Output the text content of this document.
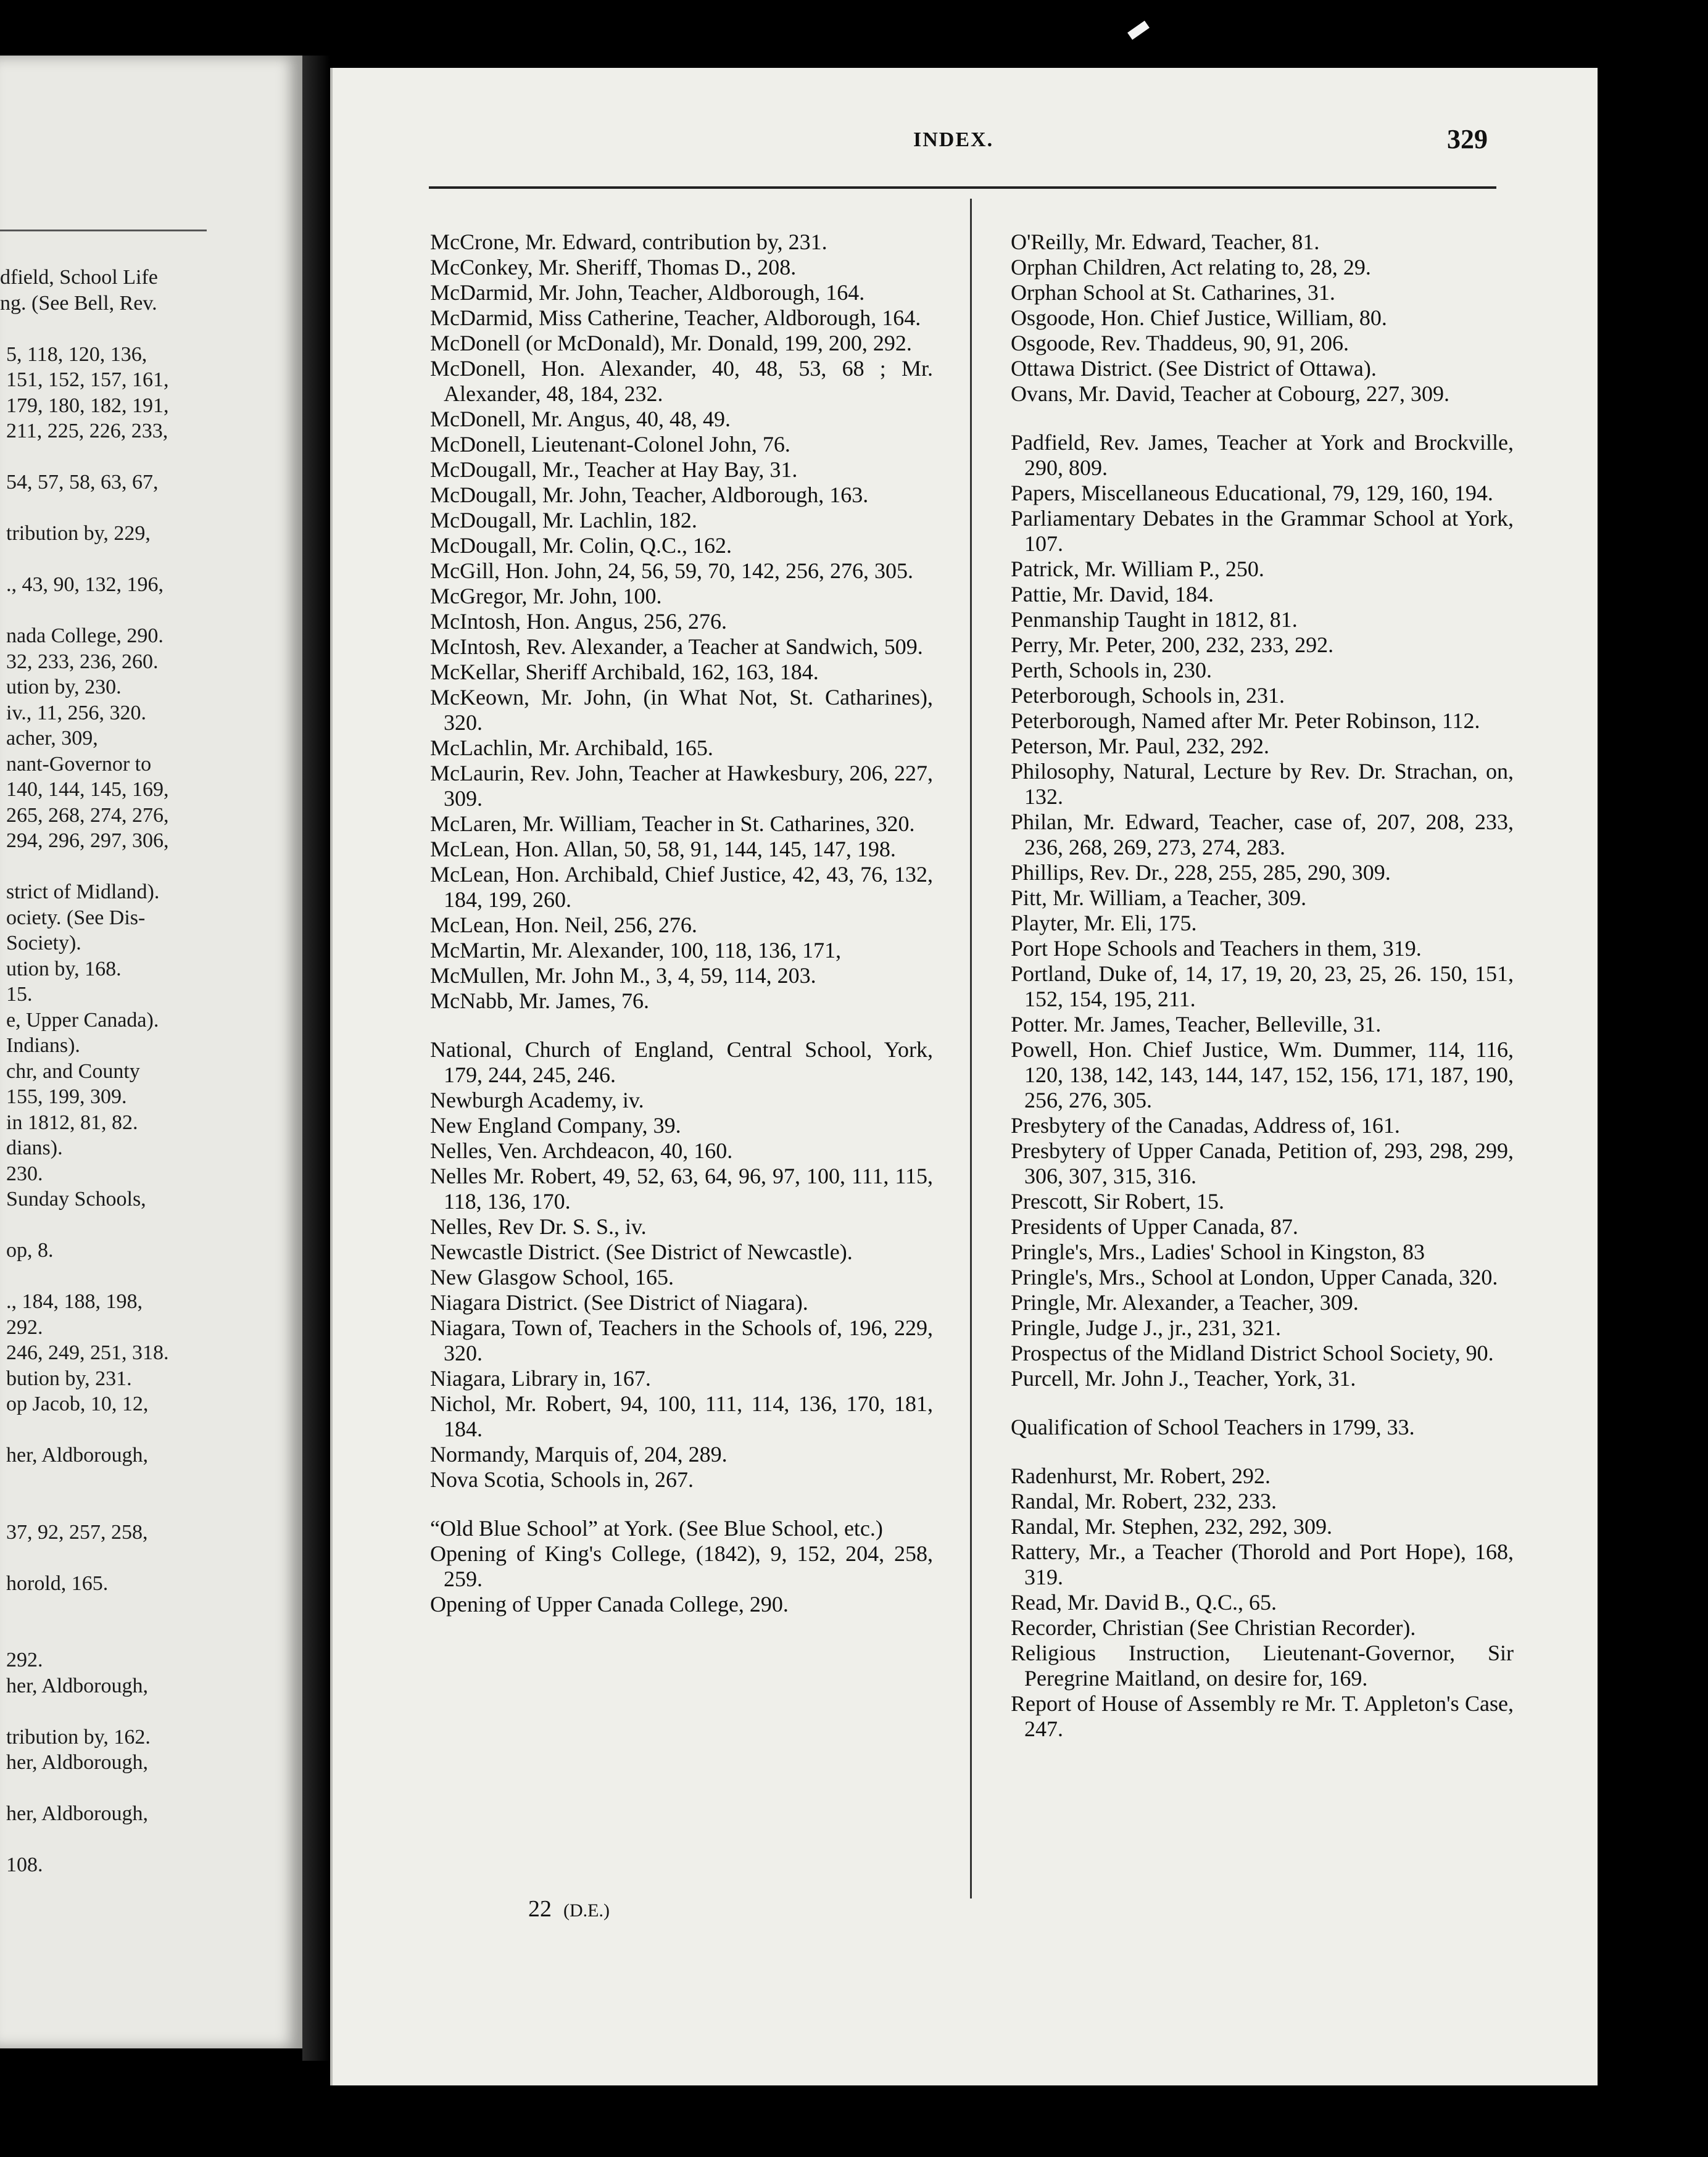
dfield, School Life
ng. (See Bell, Rev.
5, 118, 120, 136,
151, 152, 157, 161,
179, 180, 182, 191,
211, 225, 226, 233,
54, 57, 58, 63, 67,
tribution by, 229,
., 43, 90, 132, 196,
nada College, 290.
32, 233, 236, 260.
ution by, 230.
iv., 11, 256, 320.
acher, 309,
nant-Governor to
140, 144, 145, 169,
265, 268, 274, 276,
294, 296, 297, 306,
strict of Midland).
ociety. (See Dis-
Society).
ution by, 168.
15.
e, Upper Canada).
Indians).
chr, and County
155, 199, 309.
in 1812, 81, 82.
dians).
230.
Sunday Schools,
op, 8.
., 184, 188, 198,
292.
246, 249, 251, 318.
bution by, 231.
op Jacob, 10, 12,
her, Aldborough,
37, 92, 257, 258,
horold, 165.
292.
her, Aldborough,
tribution by, 162.
her, Aldborough,
her, Aldborough,
108.
INDEX.	329
McCrone, Mr. Edward, contribution by, 231.
McConkey, Mr. Sheriff, Thomas D., 208.
McDarmid, Mr. John, Teacher, Aldborough, 164.
McDarmid, Miss Catherine, Teacher, Aldborough, 164.
McDonell (or McDonald), Mr. Donald, 199, 200, 292.
McDonell, Hon. Alexander, 40, 48, 53, 68 ; Mr. Alexander, 48, 184, 232.
McDonell, Mr. Angus, 40, 48, 49.
McDonell, Lieutenant-Colonel John, 76.
McDougall, Mr., Teacher at Hay Bay, 31.
McDougall, Mr. John, Teacher, Aldborough, 163.
McDougall, Mr. Lachlin, 182.
McDougall, Mr. Colin, Q.C., 162.
McGill, Hon. John, 24, 56, 59, 70, 142, 256, 276, 305.
McGregor, Mr. John, 100.
McIntosh, Hon. Angus, 256, 276.
McIntosh, Rev. Alexander, a Teacher at Sandwich, 509.
McKellar, Sheriff Archibald, 162, 163, 184.
McKeown, Mr. John, (in What Not, St. Catharines), 320.
McLachlin, Mr. Archibald, 165.
McLaurin, Rev. John, Teacher at Hawkesbury, 206, 227, 309.
McLaren, Mr. William, Teacher in St. Catharines, 320.
McLean, Hon. Allan, 50, 58, 91, 144, 145, 147, 198.
McLean, Hon. Archibald, Chief Justice, 42, 43, 76, 132, 184, 199, 260.
McLean, Hon. Neil, 256, 276.
McMartin, Mr. Alexander, 100, 118, 136, 171,
McMullen, Mr. John M., 3, 4, 59, 114, 203.
McNabb, Mr. James, 76.
National, Church of England, Central School, York, 179, 244, 245, 246.
Newburgh Academy, iv.
New England Company, 39.
Nelles, Ven. Archdeacon, 40, 160.
Nelles Mr. Robert, 49, 52, 63, 64, 96, 97, 100, 111, 115, 118, 136, 170.
Nelles, Rev Dr. S. S., iv.
Newcastle District. (See District of Newcastle).
New Glasgow School, 165.
Niagara District. (See District of Niagara).
Niagara, Town of, Teachers in the Schools of, 196, 229, 320.
Niagara, Library in, 167.
Nichol, Mr. Robert, 94, 100, 111, 114, 136, 170, 181, 184.
Normandy, Marquis of, 204, 289.
Nova Scotia, Schools in, 267.
“Old Blue School” at York. (See Blue School, etc.)
Opening of King's College, (1842), 9, 152, 204, 258, 259.
Opening of Upper Canada College, 290.
O'Reilly, Mr. Edward, Teacher, 81.
Orphan Children, Act relating to, 28, 29.
Orphan School at St. Catharines, 31.
Osgoode, Hon. Chief Justice, William, 80.
Osgoode, Rev. Thaddeus, 90, 91, 206.
Ottawa District. (See District of Ottawa).
Ovans, Mr. David, Teacher at Cobourg, 227, 309.
Padfield, Rev. James, Teacher at York and Brockville, 290, 809.
Papers, Miscellaneous Educational, 79, 129, 160, 194.
Parliamentary Debates in the Grammar School at York, 107.
Patrick, Mr. William P., 250.
Pattie, Mr. David, 184.
Penmanship Taught in 1812, 81.
Perry, Mr. Peter, 200, 232, 233, 292.
Perth, Schools in, 230.
Peterborough, Schools in, 231.
Peterborough, Named after Mr. Peter Robinson, 112.
Peterson, Mr. Paul, 232, 292.
Philosophy, Natural, Lecture by Rev. Dr. Strachan, on, 132.
Philan, Mr. Edward, Teacher, case of, 207, 208, 233, 236, 268, 269, 273, 274, 283.
Phillips, Rev. Dr., 228, 255, 285, 290, 309.
Pitt, Mr. William, a Teacher, 309.
Playter, Mr. Eli, 175.
Port Hope Schools and Teachers in them, 319.
Portland, Duke of, 14, 17, 19, 20, 23, 25, 26. 150, 151, 152, 154, 195, 211.
Potter. Mr. James, Teacher, Belleville, 31.
Powell, Hon. Chief Justice, Wm. Dummer, 114, 116, 120, 138, 142, 143, 144, 147, 152, 156, 171, 187, 190, 256, 276, 305.
Presbytery of the Canadas, Address of, 161.
Presbytery of Upper Canada, Petition of, 293, 298, 299, 306, 307, 315, 316.
Prescott, Sir Robert, 15.
Presidents of Upper Canada, 87.
Pringle's, Mrs., Ladies' School in Kingston, 83
Pringle's, Mrs., School at London, Upper Canada, 320.
Pringle, Mr. Alexander, a Teacher, 309.
Pringle, Judge J., jr., 231, 321.
Prospectus of the Midland District School Society, 90.
Purcell, Mr. John J., Teacher, York, 31.
Qualification of School Teachers in 1799, 33.
Radenhurst, Mr. Robert, 292.
Randal, Mr. Robert, 232, 233.
Randal, Mr. Stephen, 232, 292, 309.
Rattery, Mr., a Teacher (Thorold and Port Hope), 168, 319.
Read, Mr. David B., Q.C., 65.
Recorder, Christian (See Christian Recorder).
Religious Instruction, Lieutenant-Governor, Sir Peregrine Maitland, on desire for, 169.
Report of House of Assembly re Mr. T. Appleton's Case, 247.
22 (D.E.)
